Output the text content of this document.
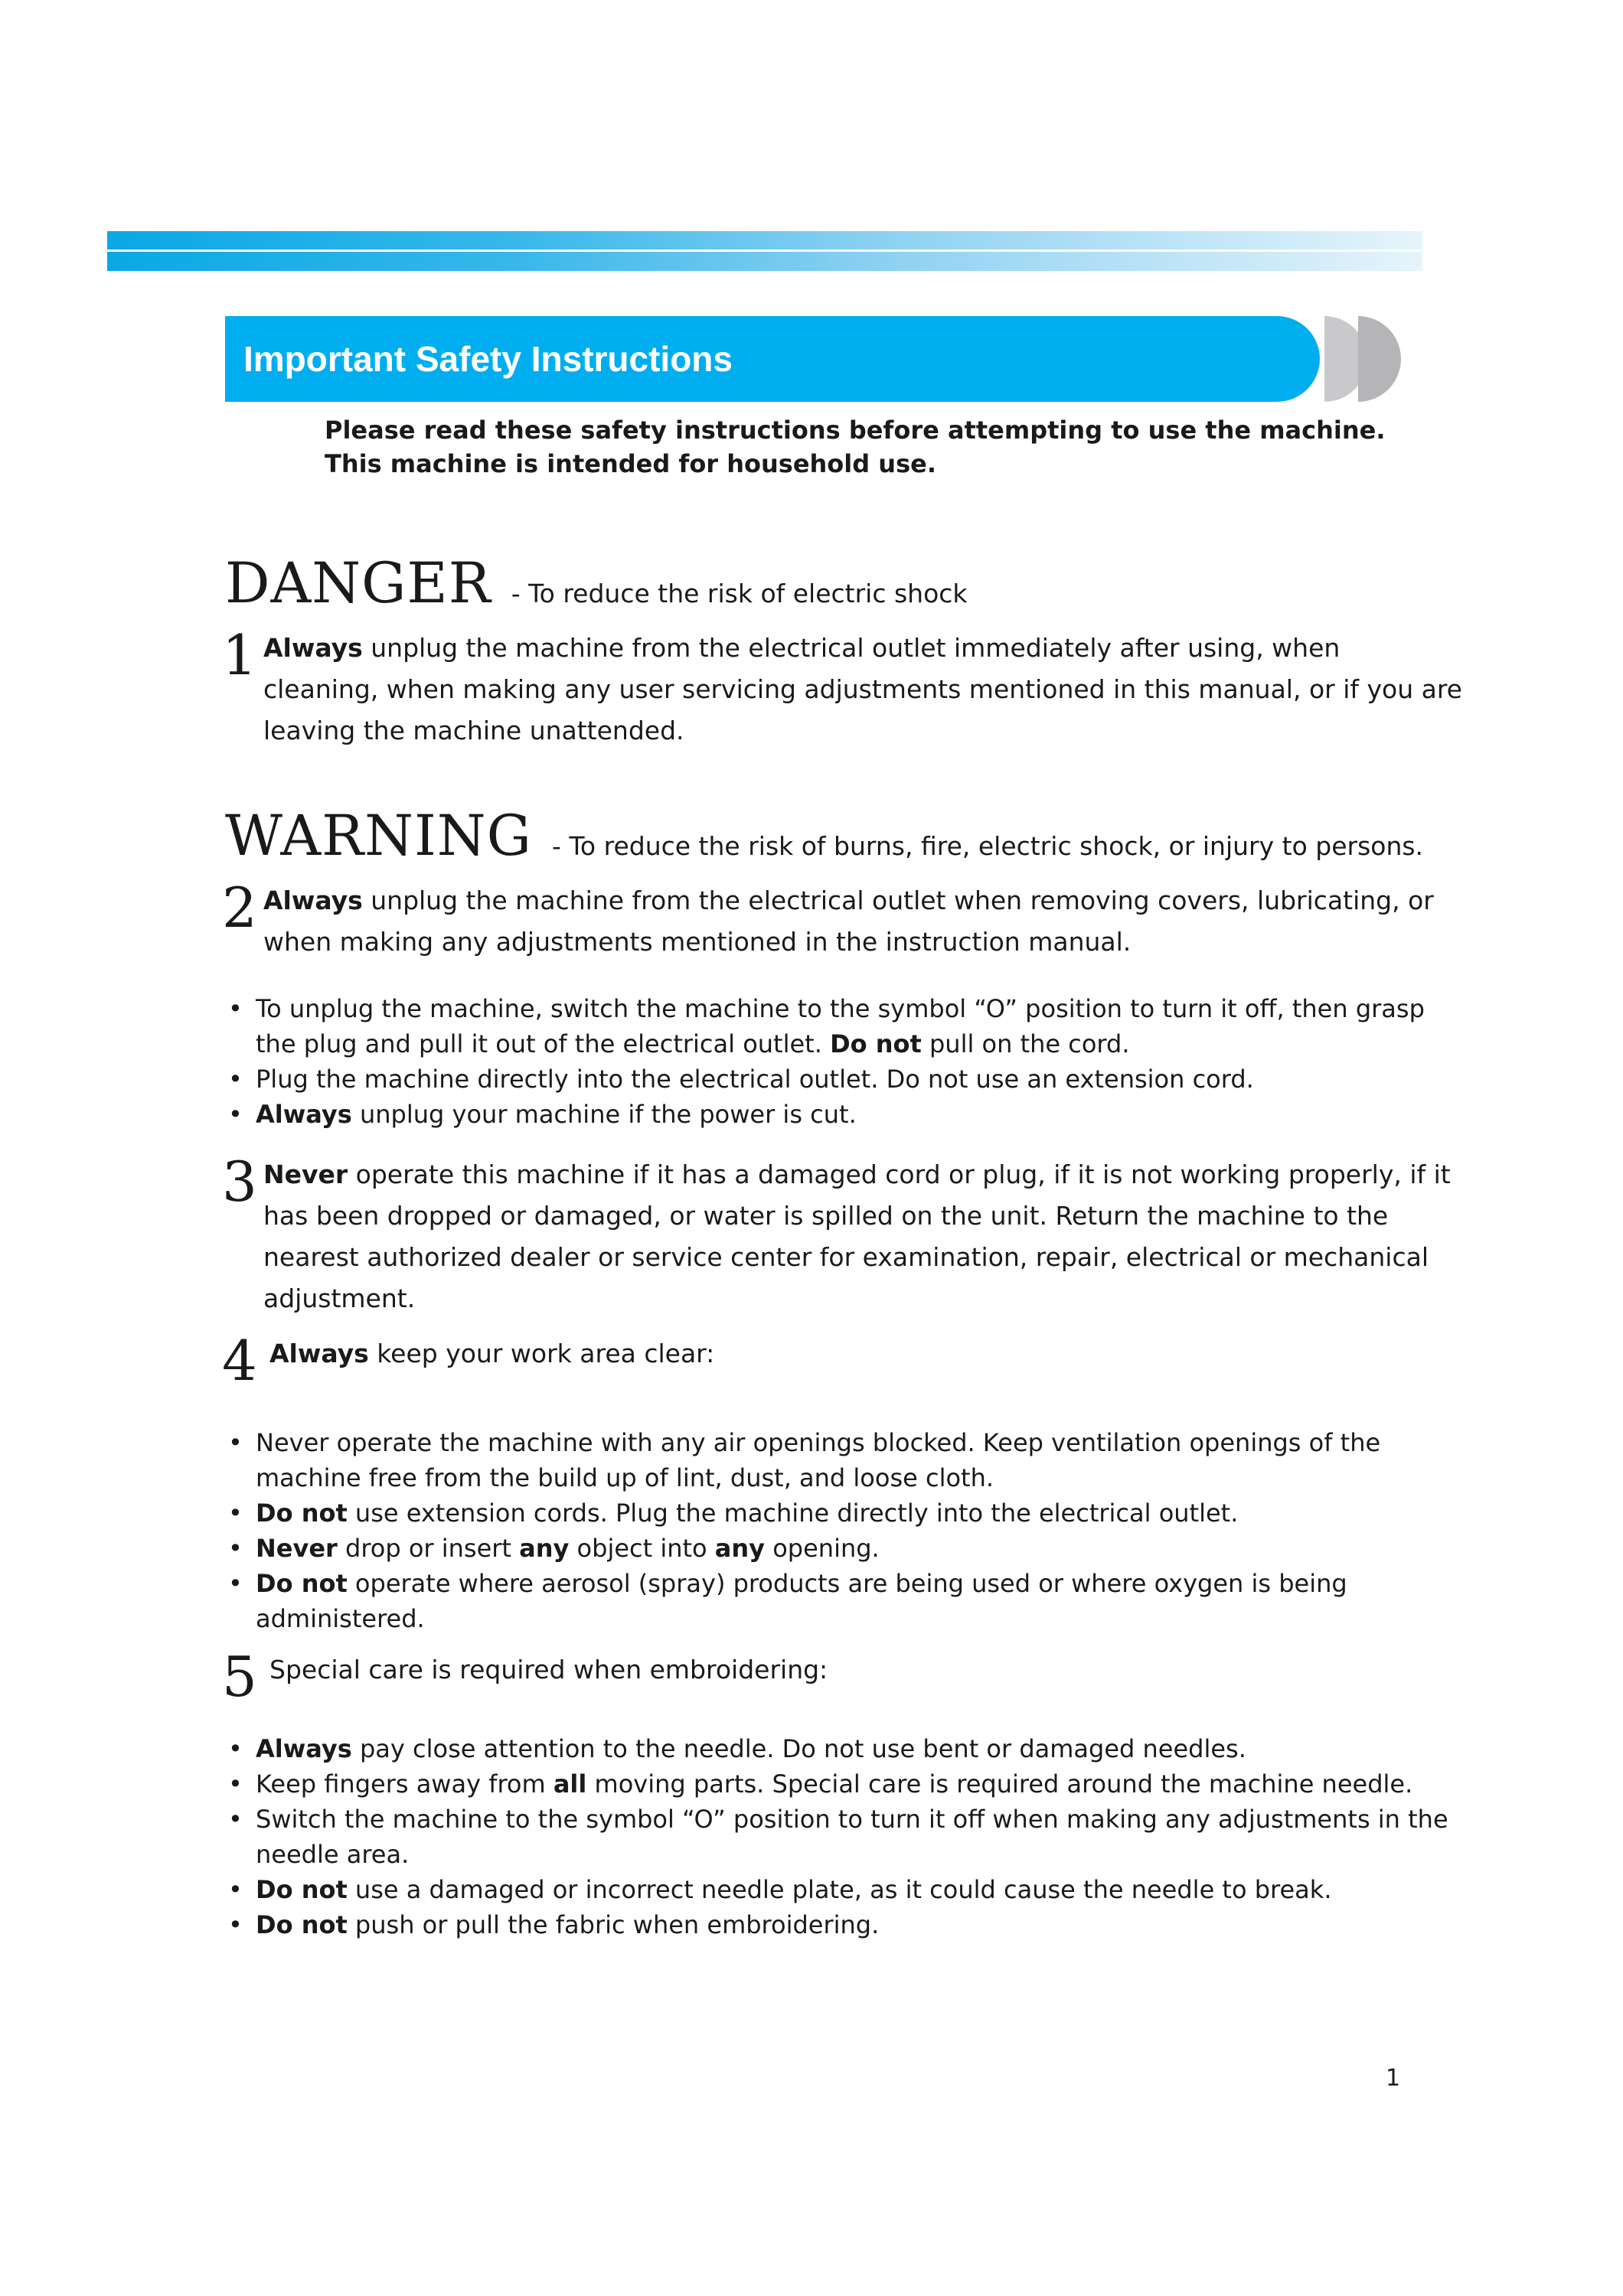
Important Safety Instructions
Please read these safety instructions before attempting to use the machine.
This machine is intended for household use.
DANGER - To reduce the risk of electric shock
1 Always unplug the machine from the electrical outlet immediately after using, when cleaning, when making any user servicing adjustments mentioned in this manual, or if you are leaving the machine unattended.
WARNING - To reduce the risk of burns, fire, electric shock, or injury to persons.
2 Always unplug the machine from the electrical outlet when removing covers, lubricating, or when making any adjustments mentioned in the instruction manual.
• To unplug the machine, switch the machine to the symbol “O” position to turn it off, then grasp the plug and pull it out of the electrical outlet. Do not pull on the cord.
• Plug the machine directly into the electrical outlet. Do not use an extension cord.
• Always unplug your machine if the power is cut.
3 Never operate this machine if it has a damaged cord or plug, if it is not working properly, if it has been dropped or damaged, or water is spilled on the unit. Return the machine to the nearest authorized dealer or service center for examination, repair, electrical or mechanical adjustment.
4 Always keep your work area clear:
• Never operate the machine with any air openings blocked. Keep ventilation openings of the machine free from the build up of lint, dust, and loose cloth.
• Do not use extension cords. Plug the machine directly into the electrical outlet.
• Never drop or insert any object into any opening.
• Do not operate where aerosol (spray) products are being used or where oxygen is being administered.
5 Special care is required when embroidering:
• Always pay close attention to the needle. Do not use bent or damaged needles.
• Keep fingers away from all moving parts. Special care is required around the machine needle.
• Switch the machine to the symbol “O” position to turn it off when making any adjustments in the needle area.
• Do not use a damaged or incorrect needle plate, as it could cause the needle to break.
• Do not push or pull the fabric when embroidering.
1
